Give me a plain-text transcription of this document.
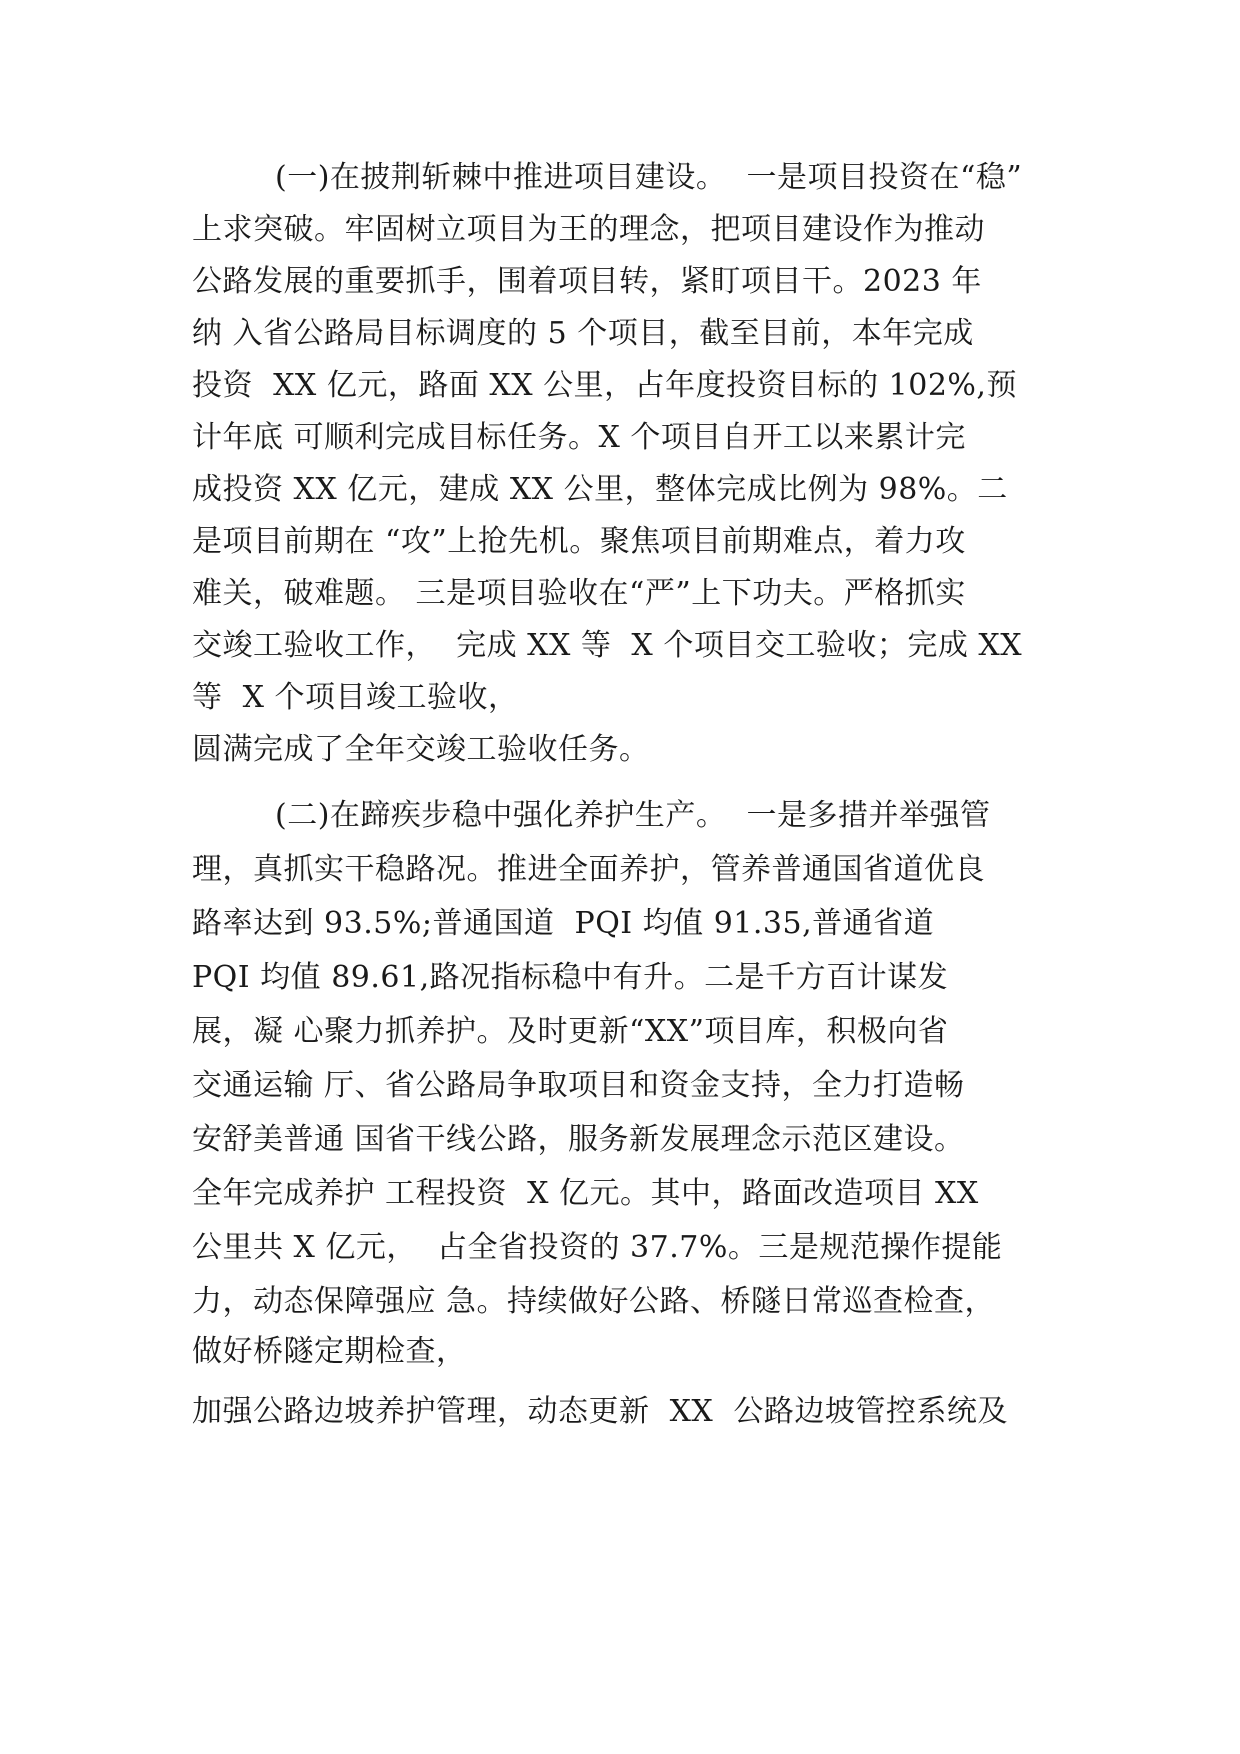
(一)在披荆斩棘中推进项目建设。  一是项目投资在“稳”
上求突破。牢固树立项目为王的理念，把项目建设作为推动
公路发展的重要抓手，围着项目转，紧盯项目干。2023 年
纳 入省公路局目标调度的 5 个项目，截至目前，本年完成
投资  XX 亿元，路面 XX 公里，占年度投资目标的 102%,预
计年底 可顺利完成目标任务。X 个项目自开工以来累计完
成投资 XX 亿元，建成 XX 公里，整体完成比例为 98%。二
是项目前期在 “攻”上抢先机。聚焦项目前期难点，着力攻
难关，破难题。 三是项目验收在“严”上下功夫。严格抓实
交竣工验收工作，  完成 XX 等  X 个项目交工验收；完成 XX
等  X 个项目竣工验收，
圆满完成了全年交竣工验收任务。
(二)在蹄疾步稳中强化养护生产。  一是多措并举强管
理，真抓实干稳路况。推进全面养护，管养普通国省道优良
路率达到 93.5%;普通国道  PQI 均值 91.35,普通省道
PQI 均值 89.61,路况指标稳中有升。二是千方百计谋发
展，凝 心聚力抓养护。及时更新“XX”项目库，积极向省
交通运输 厅、省公路局争取项目和资金支持，全力打造畅
安舒美普通 国省干线公路，服务新发展理念示范区建设。
全年完成养护 工程投资  X 亿元。其中，路面改造项目 XX
公里共 X 亿元，  占全省投资的 37.7%。三是规范操作提能
力，动态保障强应 急。持续做好公路、桥隧日常巡查检查，
做好桥隧定期检查，
加强公路边坡养护管理，动态更新  XX  公路边坡管控系统及
